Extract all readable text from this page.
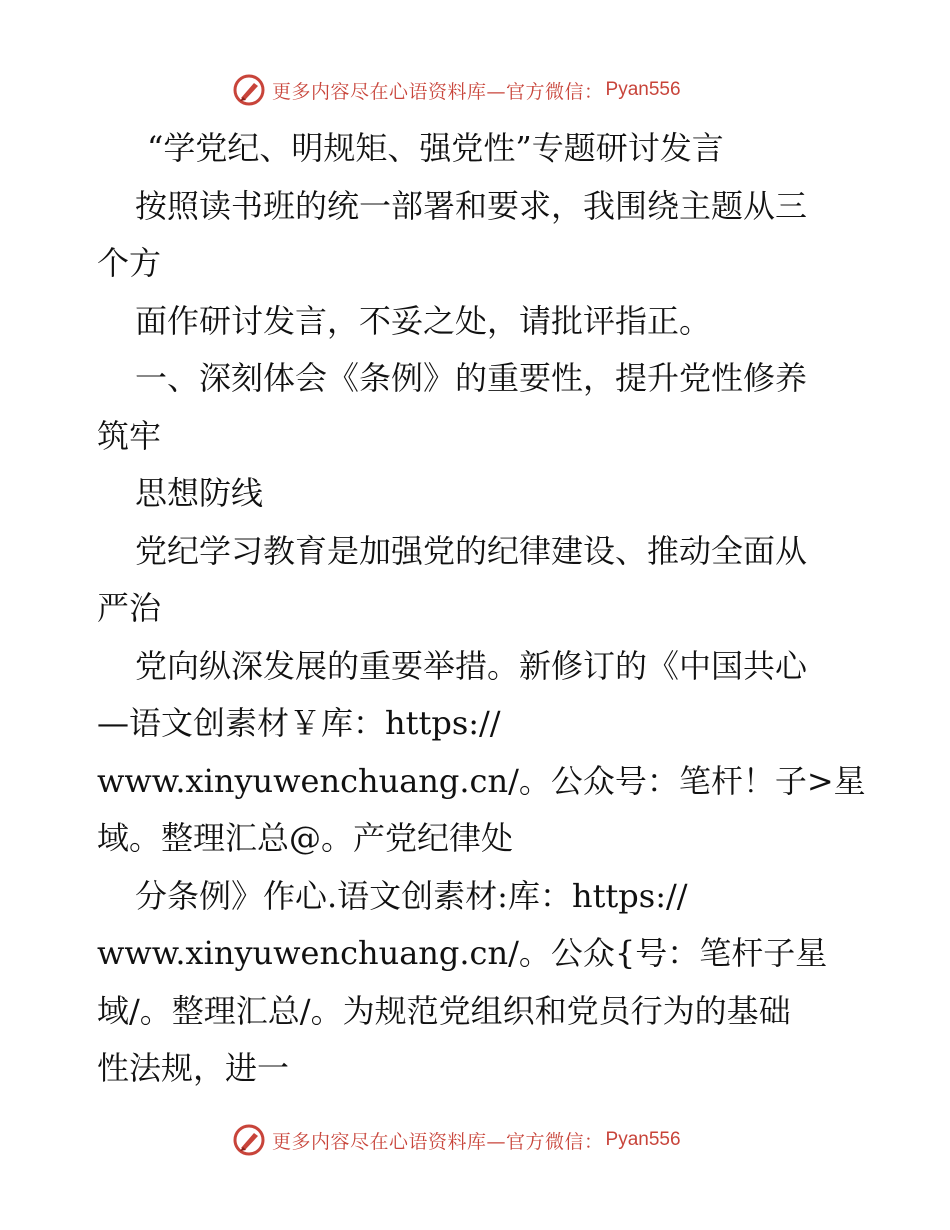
更多内容尽在心语资料库—官方微信： Pyan556
“学党纪、明规矩、强党性”专题研讨发言
按照读书班的统一部署和要求，我围绕主题从三
个方
面作研讨发言，不妥之处，请批评指正。
一、深刻体会《条例》的重要性，提升党性修养
筑牢
思想防线
党纪学习教育是加强党的纪律建设、推动全面从
严治
党向纵深发展的重要举措。新修订的《中国共心
—语文创素材￥库：https://
www.xinyuwenchuang.cn/。公众号：笔杆！子>星
域。整理汇总@。产党纪律处
分条例》作心.语文创素材:库：https://
www.xinyuwenchuang.cn/。公众{号：笔杆子星
域/。整理汇总/。为规范党组织和党员行为的基础
性法规，进一
更多内容尽在心语资料库—官方微信： Pyan556
